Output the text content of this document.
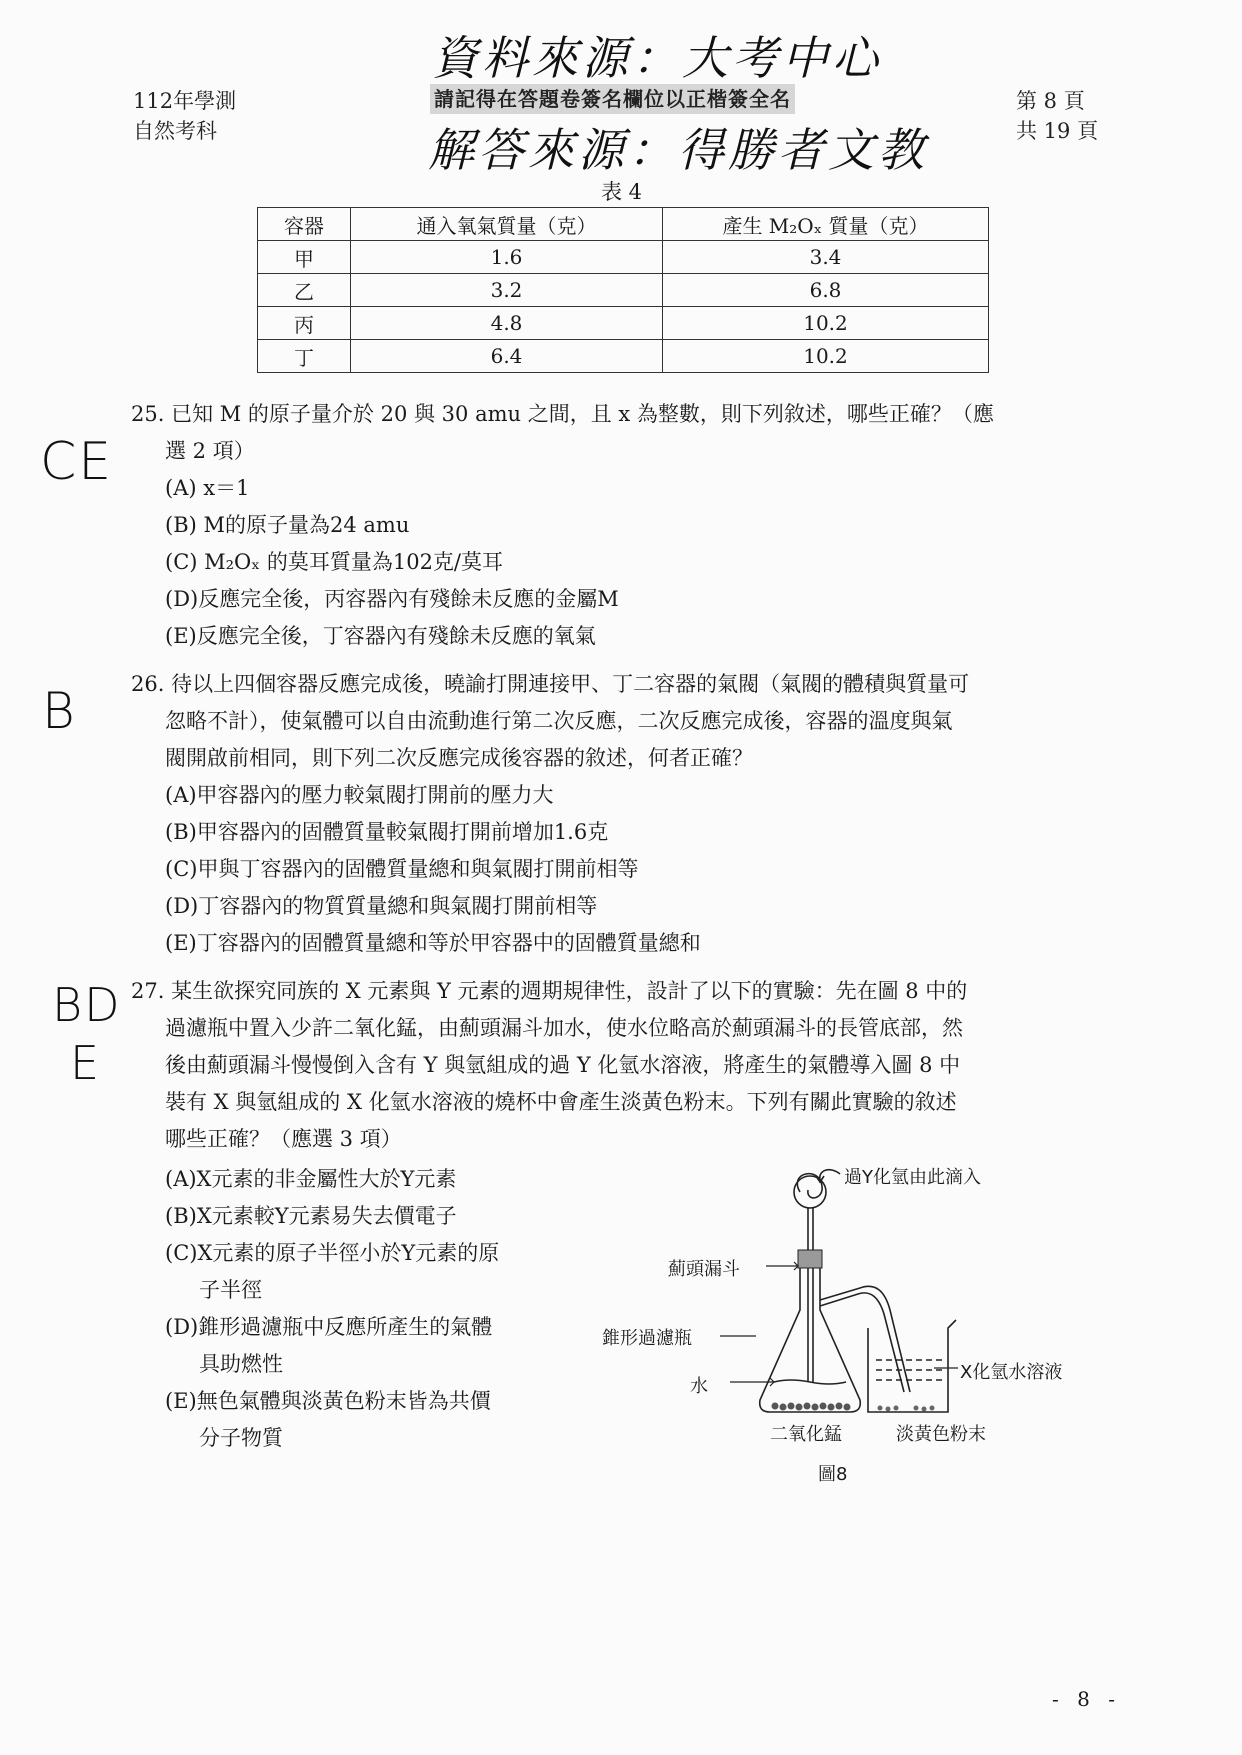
112年學測
自然考科
請記得在答題卷簽名欄位以正楷簽全名	第 8 頁
共 19 頁
資料來源：大考中心
解答來源：得勝者文教
CE
B
BD
E
表 4
容器	通入氧氣質量（克）	產生 M₂Oₓ 質量（克）
甲	1.6	3.4
乙	3.2	6.8
丙	4.8	10.2
丁	6.4	10.2
25. 已知 M 的原子量介於 20 與 30 amu 之間，且 x 為整數，則下列敘述，哪些正確？（應
選 2 項）
(A) x＝1
(B) M的原子量為24 amu
(C) M₂Oₓ 的莫耳質量為102克/莫耳
(D)反應完全後，丙容器內有殘餘未反應的金屬M
(E)反應完全後，丁容器內有殘餘未反應的氧氣
26. 待以上四個容器反應完成後，曉諭打開連接甲、丁二容器的氣閥（氣閥的體積與質量可
忽略不計），使氣體可以自由流動進行第二次反應，二次反應完成後，容器的溫度與氣
閥開啟前相同，則下列二次反應完成後容器的敘述，何者正確？
(A)甲容器內的壓力較氣閥打開前的壓力大
(B)甲容器內的固體質量較氣閥打開前增加1.6克
(C)甲與丁容器內的固體質量總和與氣閥打開前相等
(D)丁容器內的物質質量總和與氣閥打開前相等
(E)丁容器內的固體質量總和等於甲容器中的固體質量總和
27. 某生欲探究同族的 X 元素與 Y 元素的週期規律性，設計了以下的實驗：先在圖 8 中的
過濾瓶中置入少許二氧化錳，由薊頭漏斗加水，使水位略高於薊頭漏斗的長管底部，然
後由薊頭漏斗慢慢倒入含有 Y 與氫組成的過 Y 化氫水溶液，將產生的氣體導入圖 8 中
裝有 X 與氫組成的 X 化氫水溶液的燒杯中會產生淡黃色粉末。下列有關此實驗的敘述
哪些正確？（應選 3 項）
(A)X元素的非金屬性大於Y元素
(B)X元素較Y元素易失去價電子
(C)X元素的原子半徑小於Y元素的原
子半徑
(D)錐形過濾瓶中反應所產生的氣體
具助燃性
(E)無色氣體與淡黃色粉末皆為共價
分子物質
過Y化氫由此滴入
薊頭漏斗
錐形過濾瓶
水
X化氫水溶液
二氧化錳	淡黃色粉末
圖8
- 8 -
